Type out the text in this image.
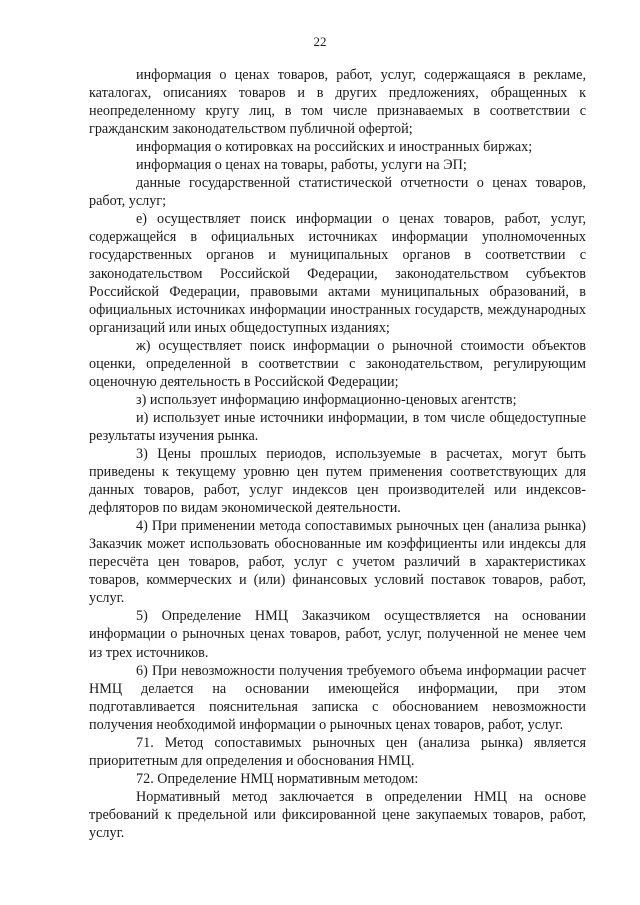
22

информация о ценах товаров, работ, услуг, содержащаяся в рекламе, каталогах, описаниях товаров и в других предложениях, обращенных к неопределенному кругу лиц, в том числе признаваемых в соответствии с гражданским законодательством публичной офертой;

информация о котировках на российских и иностранных биржах;

информация о ценах на товары, работы, услуги на ЭП;

данные государственной статистической отчетности о ценах товаров, работ, услуг;

е) осуществляет поиск информации о ценах товаров, работ, услуг, содержащейся в официальных источниках информации уполномоченных государственных органов и муниципальных органов в соответствии с законодательством Российской Федерации, законодательством субъектов Российской Федерации, правовыми актами муниципальных образований, в официальных источниках информации иностранных государств, международных организаций или иных общедоступных изданиях;

ж) осуществляет поиск информации о рыночной стоимости объектов оценки, определенной в соответствии с законодательством, регулирующим оценочную деятельность в Российской Федерации;

з) использует информацию информационно-ценовых агентств;

и) использует иные источники информации, в том числе общедоступные результаты изучения рынка.

3) Цены прошлых периодов, используемые в расчетах, могут быть приведены к текущему уровню цен путем применения соответствующих для данных товаров, работ, услуг индексов цен производителей или индексов-дефляторов по видам экономической деятельности.

4) При применении метода сопоставимых рыночных цен (анализа рынка) Заказчик может использовать обоснованные им коэффициенты или индексы для пересчёта цен товаров, работ, услуг с учетом различий в характеристиках товаров, коммерческих и (или) финансовых условий поставок товаров, работ, услуг.

5) Определение НМЦ Заказчиком осуществляется на основании информации о рыночных ценах товаров, работ, услуг, полученной не менее чем из трех источников.

6) При невозможности получения требуемого объема информации расчет НМЦ делается на основании имеющейся информации, при этом подготавливается пояснительная записка с обоснованием невозможности получения необходимой информации о рыночных ценах товаров, работ, услуг.

71. Метод сопоставимых рыночных цен (анализа рынка) является приоритетным для определения и обоснования НМЦ.

72. Определение НМЦ нормативным методом:

Нормативный метод заключается в определении НМЦ на основе требований к предельной или фиксированной цене закупаемых товаров, работ, услуг.
